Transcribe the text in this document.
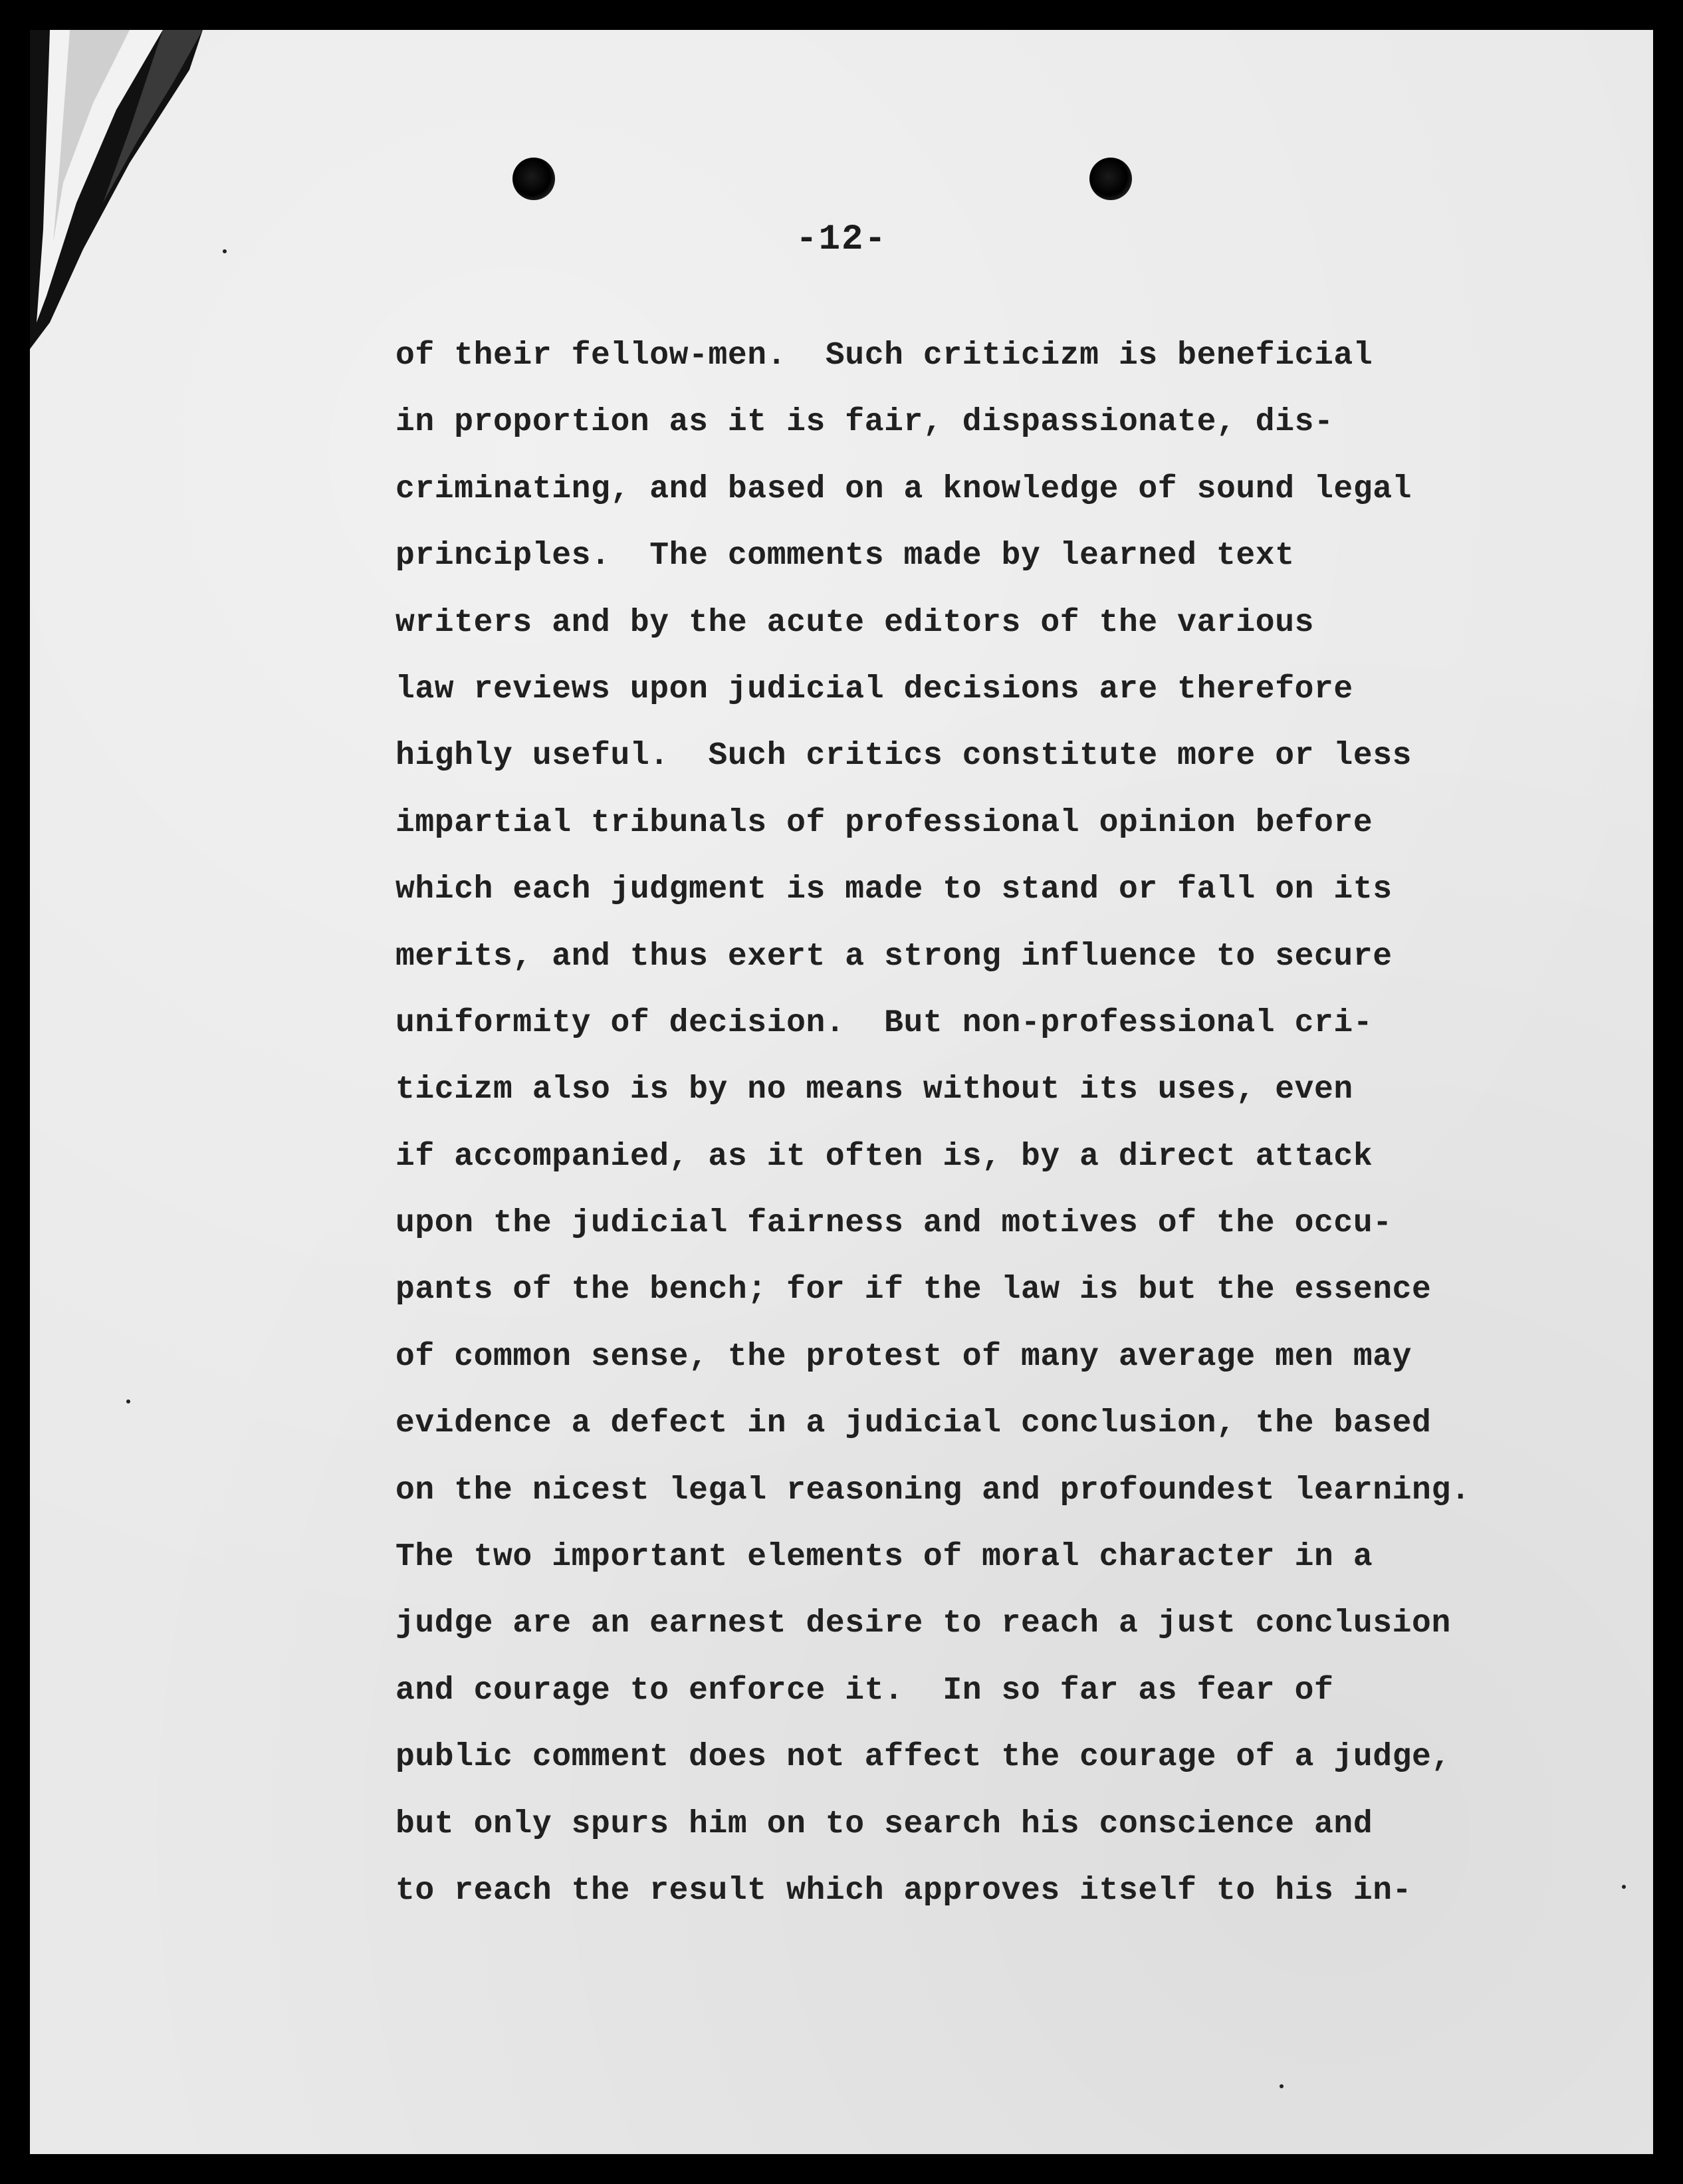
-12-
of their fellow-men.  Such criticizm is beneficial
in proportion as it is fair, dispassionate, dis-
criminating, and based on a knowledge of sound legal
principles.  The comments made by learned text
writers and by the acute editors of the various
law reviews upon judicial decisions are therefore
highly useful.  Such critics constitute more or less
impartial tribunals of professional opinion before
which each judgment is made to stand or fall on its
merits, and thus exert a strong influence to secure
uniformity of decision.  But non-professional cri-
ticizm also is by no means without its uses, even
if accompanied, as it often is, by a direct attack
upon the judicial fairness and motives of the occu-
pants of the bench; for if the law is but the essence
of common sense, the protest of many average men may
evidence a defect in a judicial conclusion, the based
on the nicest legal reasoning and profoundest learning.
The two important elements of moral character in a
judge are an earnest desire to reach a just conclusion
and courage to enforce it.  In so far as fear of
public comment does not affect the courage of a judge,
but only spurs him on to search his conscience and
to reach the result which approves itself to his in-
